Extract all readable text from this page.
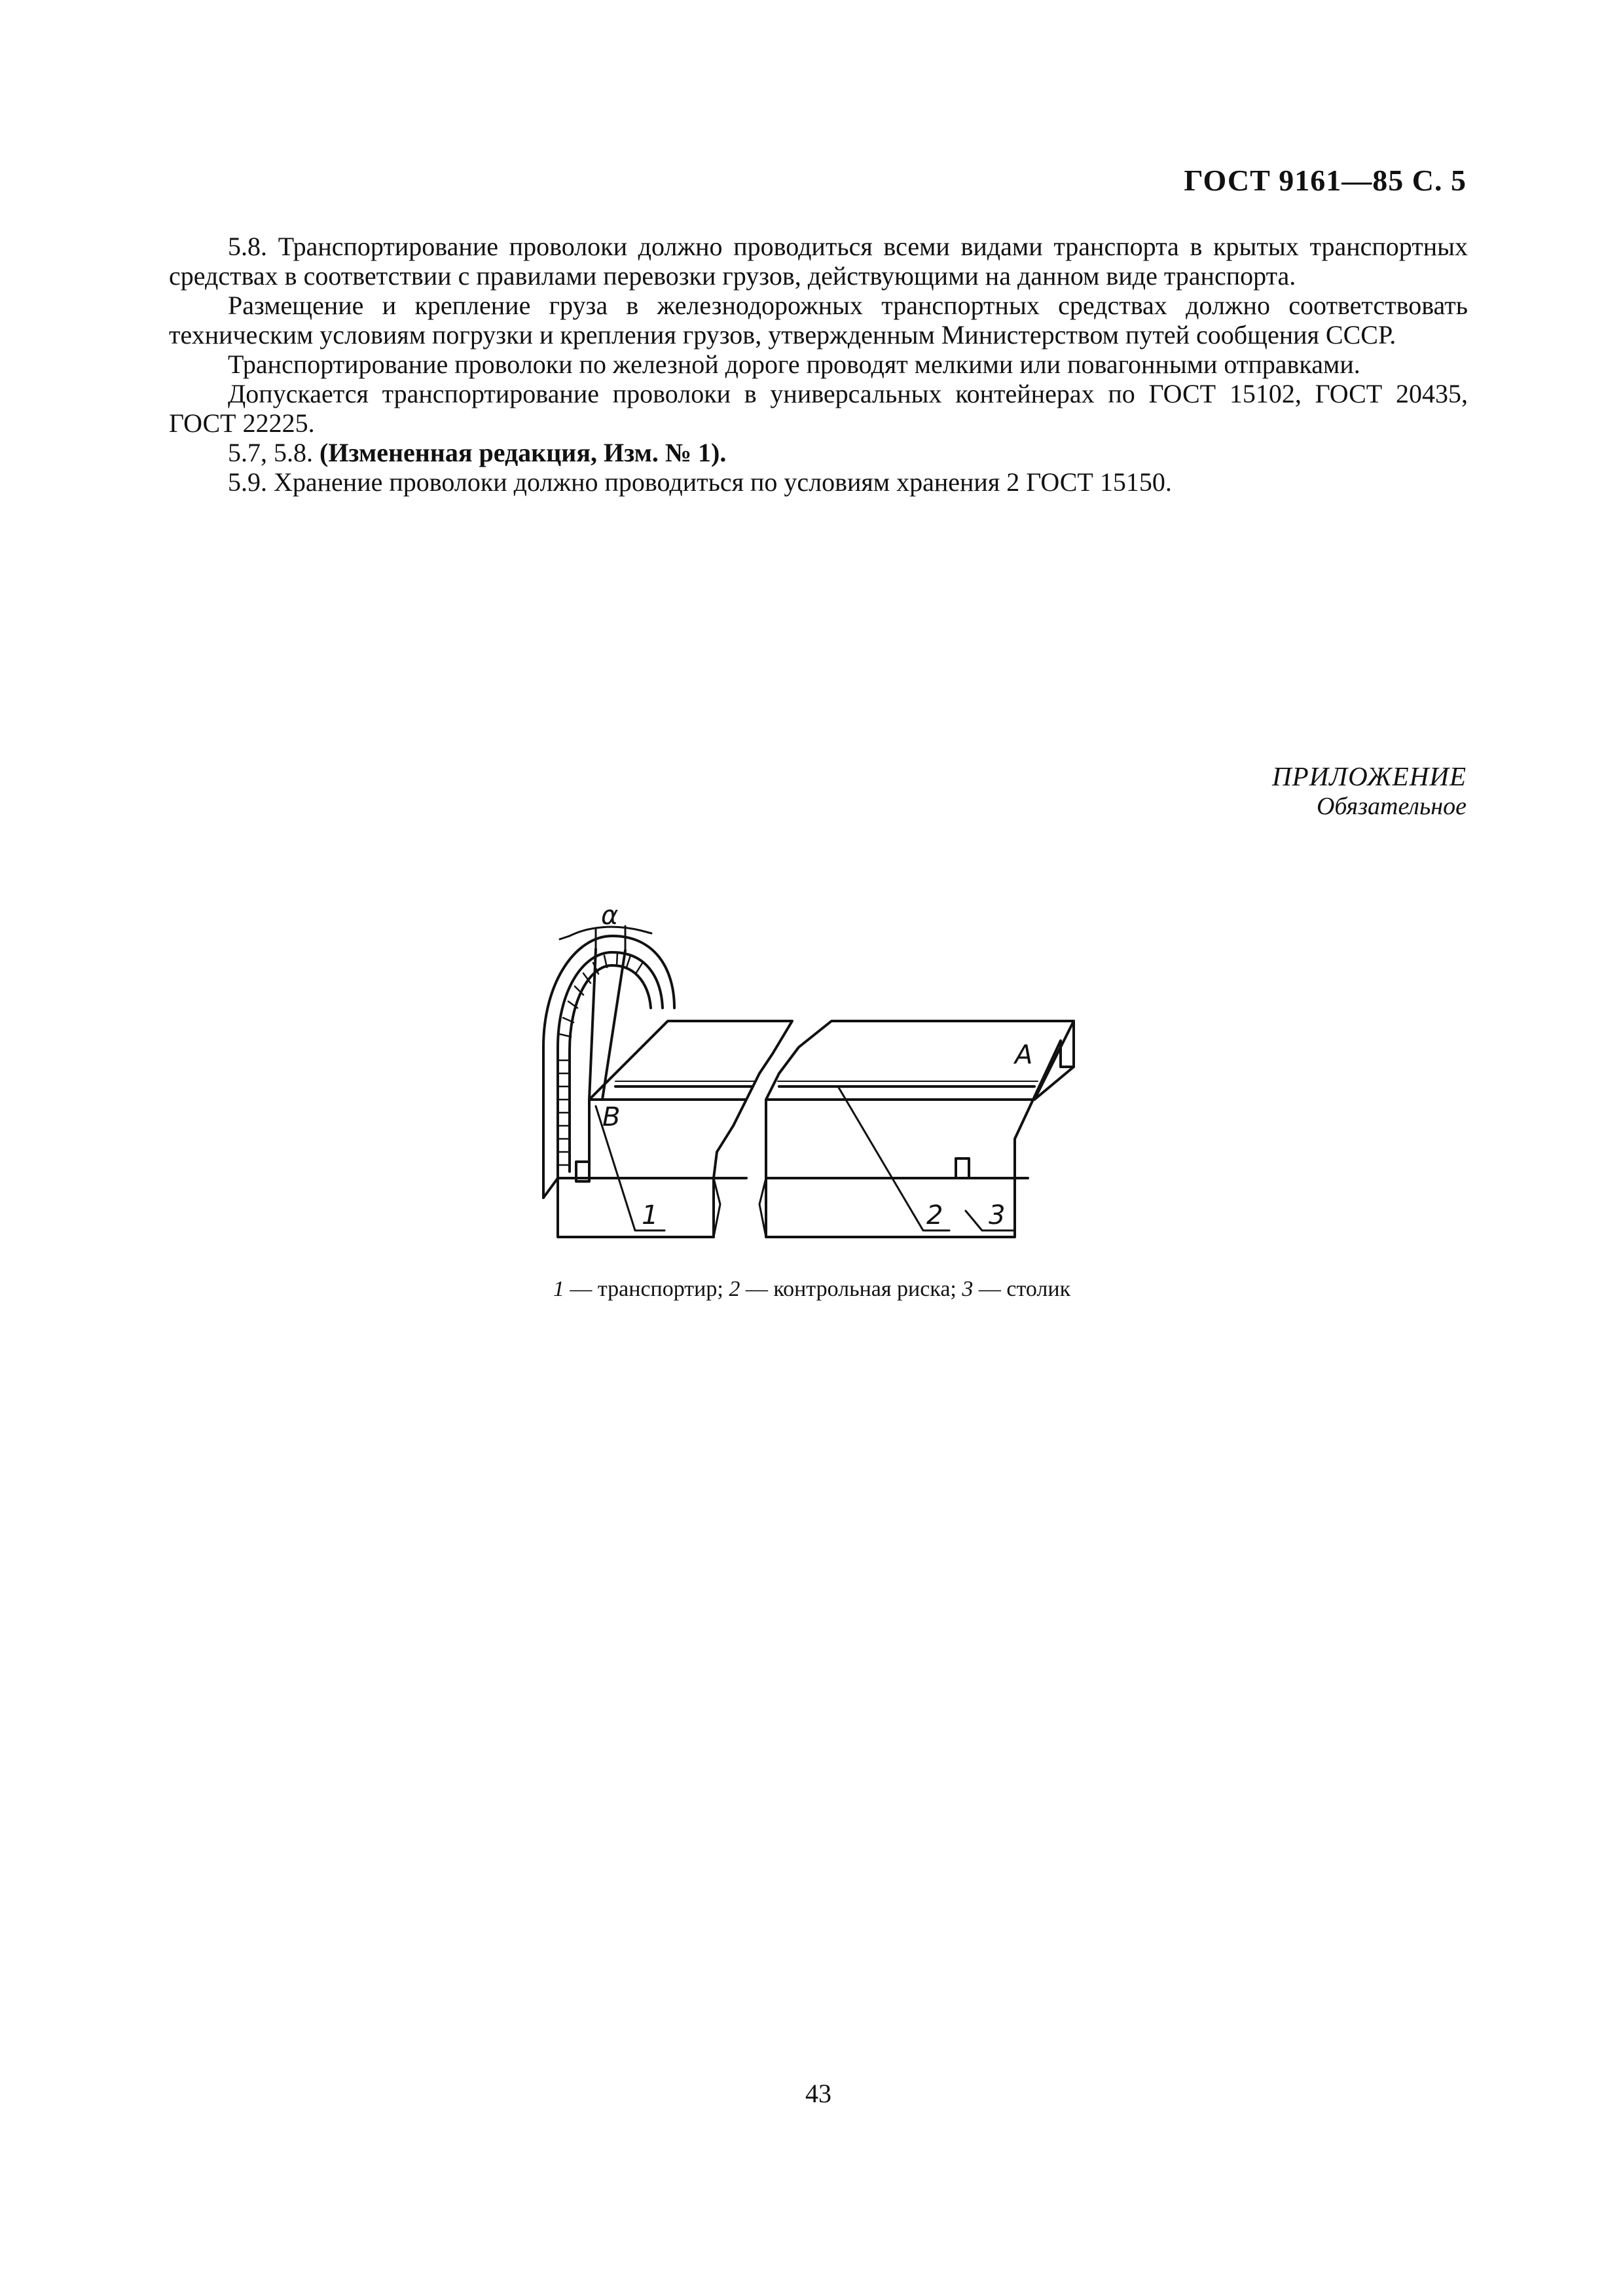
ГОСТ 9161—85 С. 5

5.8. Транспортирование проволоки должно проводиться всеми видами транспорта в крытых транспортных средствах в соответствии с правилами перевозки грузов, действующими на данном виде транспорта.

Размещение и крепление груза в железнодорожных транспортных средствах должно соответствовать техническим условиям погрузки и крепления грузов, утвержденным Министерством путей сообщения СССР.

Транспортирование проволоки по железной дороге проводят мелкими или повагонными отправками.

Допускается транспортирование проволоки в универсальных контейнерах по ГОСТ 15102, ГОСТ 20435, ГОСТ 22225.

5.7, 5.8. (Измененная редакция, Изм. № 1).

5.9. Хранение проволоки должно проводиться по условиям хранения 2 ГОСТ 15150.

ПРИЛОЖЕНИЕ
Обязательное
α
A
B
1	2 3
1 — транспортир; 2 — контрольная риска; 3 — столик
43
